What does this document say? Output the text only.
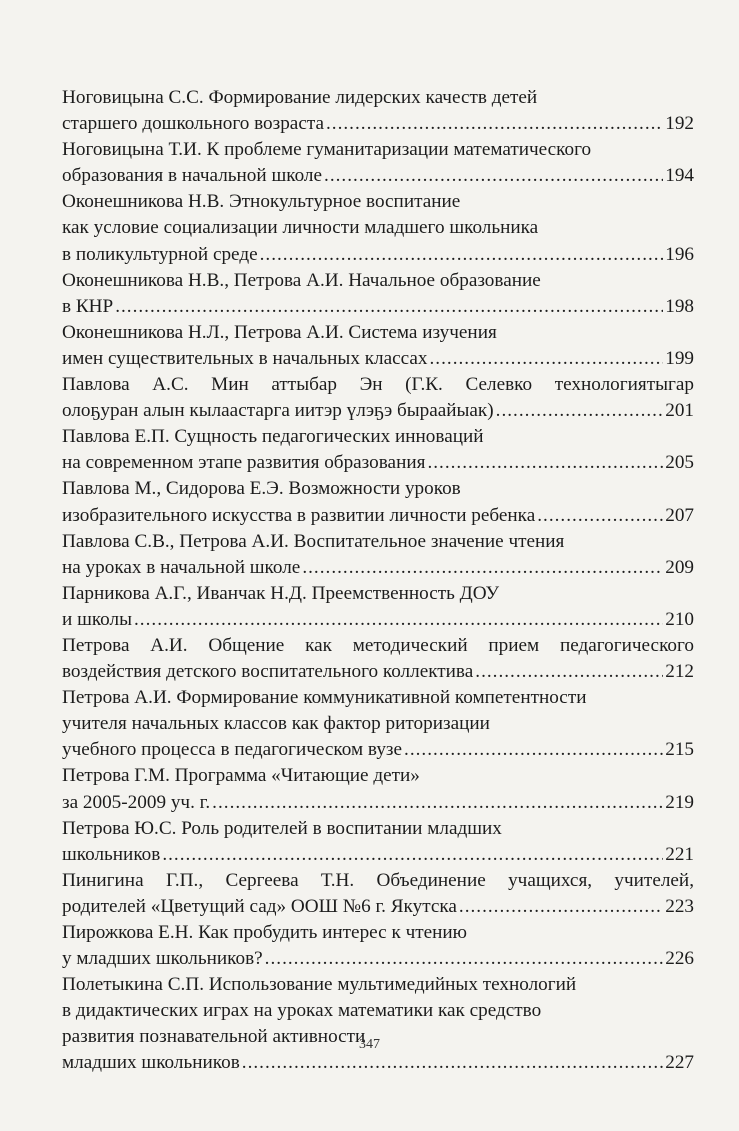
Ноговицына С.С. Формирование лидерских качеств детей
старшего дошкольного возраста .....	192
Ноговицына Т.И. К проблеме гуманитаризации математического
образования в начальной школе .....	194
Оконешникова Н.В. Этнокультурное воспитание
как условие социализации личности младшего школьника
в поликультурной среде .....	196
Оконешникова Н.В., Петрова А.И. Начальное образование
в КНР .....	198
Оконешникова Н.Л., Петрова А.И. Система изучения
имен существительных в начальных классах .....	199
Павлова А.С. Мин аттыбар Эн (Г.К. Селевко технологиятыгар
олоҕуран алын кылаастарга иитэр үлэҕэ быраайыак) .....	201
Павлова Е.П. Сущность педагогических инноваций
на современном этапе развития образования .....	205
Павлова М., Сидорова Е.Э. Возможности уроков
изобразительного искусства в развитии личности ребенка .....	207
Павлова С.В., Петрова А.И. Воспитательное значение чтения
на уроках в начальной школе .....	209
Парникова А.Г., Иванчак Н.Д. Преемственность ДОУ
и школы .....	210
Петрова А.И. Общение как методический прием педагогического
воздействия детского воспитательного коллектива .....	212
Петрова А.И. Формирование коммуникативной компетентности
учителя начальных классов как фактор риторизации
учебного процесса в педагогическом вузе .....	215
Петрова Г.М. Программа «Читающие дети»
за 2005-2009 уч. г. .....	219
Петрова Ю.С. Роль родителей в воспитании младших
школьников .....	221
Пинигина Г.П., Сергеева Т.Н. Объединение учащихся, учителей,
родителей «Цветущий сад» ООШ №6 г. Якутска .....	223
Пирожкова Е.Н. Как пробудить интерес к чтению
у младших школьников? .....	226
Полетыкина С.П. Использование мультимедийных технологий
в дидактических играх на уроках математики как средство
развития познавательной активности
младших школьников .....	227
347
